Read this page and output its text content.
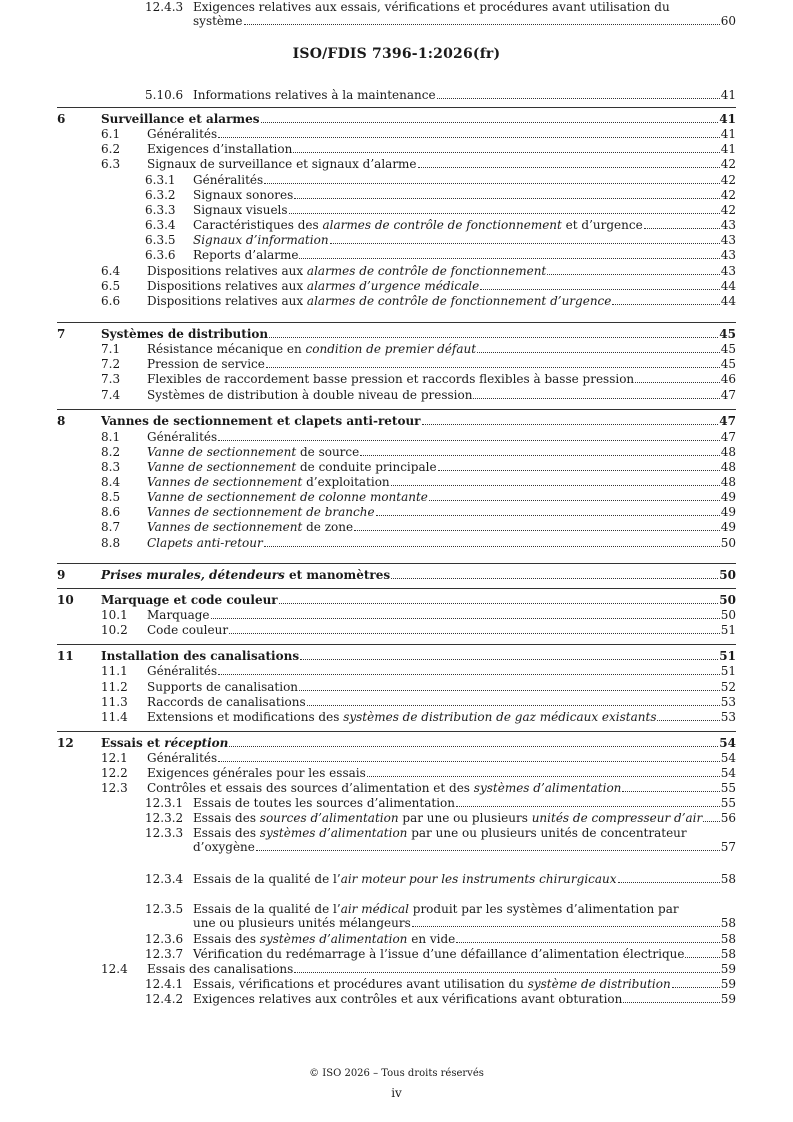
ISO/FDIS 7396-1:2026(fr)
5.10.6 Informations relatives à la maintenance	41
6	Surveillance et alarmes	41
6.1 Généralités	41
6.2 Exigences d’installation	41
6.3 Signaux de surveillance et signaux d’alarme	42
6.3.1 Généralités	42
6.3.2 Signaux sonores	42
6.3.3 Signaux visuels	42
6.3.4 Caractéristiques des alarmes de contrôle de fonctionnement et d’urgence	43
6.3.5 Signaux d’information	43
6.3.6 Reports d’alarme	43
6.4 Dispositions relatives aux alarmes de contrôle de fonctionnement	43
6.5 Dispositions relatives aux alarmes d’urgence médicale	44
6.6 Dispositions relatives aux alarmes de contrôle de fonctionnement d’urgence	44
7	Systèmes de distribution	45
7.1 Résistance mécanique en condition de premier défaut	45
7.2 Pression de service	45
7.3 Flexibles de raccordement basse pression et raccords flexibles à basse pression	46
7.4 Systèmes de distribution à double niveau de pression	47
8	Vannes de sectionnement et clapets anti-retour	47
8.1 Généralités	47
8.2 Vanne de sectionnement de source	48
8.3 Vanne de sectionnement de conduite principale	48
8.4 Vannes de sectionnement d’exploitation	48
8.5 Vanne de sectionnement de colonne montante	49
8.6 Vannes de sectionnement de branche	49
8.7 Vannes de sectionnement de zone	49
8.8 Clapets anti-retour	50
9	Prises murales, détendeurs et manomètres	50
10 Marquage et code couleur	50
10.1 Marquage	50
10.2 Code couleur	51
11 Installation des canalisations	51
11.1 Généralités	51
11.2 Supports de canalisation	52
11.3 Raccords de canalisations	53
11.4 Extensions et modifications des systèmes de distribution de gaz médicaux existants	53
12 Essais et réception	54
12.1 Généralités	54
12.2 Exigences générales pour les essais	54
12.3 Contrôles et essais des sources d’alimentation et des systèmes d’alimentation	55
12.3.1 Essais de toutes les sources d’alimentation	55
12.3.2 Essais des sources d’alimentation par une ou plusieurs unités de compresseur d’air 56
12.3.3 Essais des systèmes d’alimentation par une ou plusieurs unités de concentrateur
d’oxygène	57
12.3.4 Essais de la qualité de l’air moteur pour les instruments chirurgicaux	58
12.3.5 Essais de la qualité de l’air médical produit par les systèmes d’alimentation par
une ou plusieurs unités mélangeurs	58
12.3.6 Essais des systèmes d’alimentation en vide	58
12.3.7 Vérification du redémarrage à l’issue d’une défaillance d’alimentation électrique	58
12.4 Essais des canalisations	59
12.4.1 Essais, vérifications et procédures avant utilisation du système de distribution	59
12.4.2 Exigences relatives aux contrôles et aux vérifications avant obturation	59
12.4.3 Exigences relatives aux essais, vérifications et procédures avant utilisation du
système	60
© ISO 2026 – Tous droits réservés
iv
